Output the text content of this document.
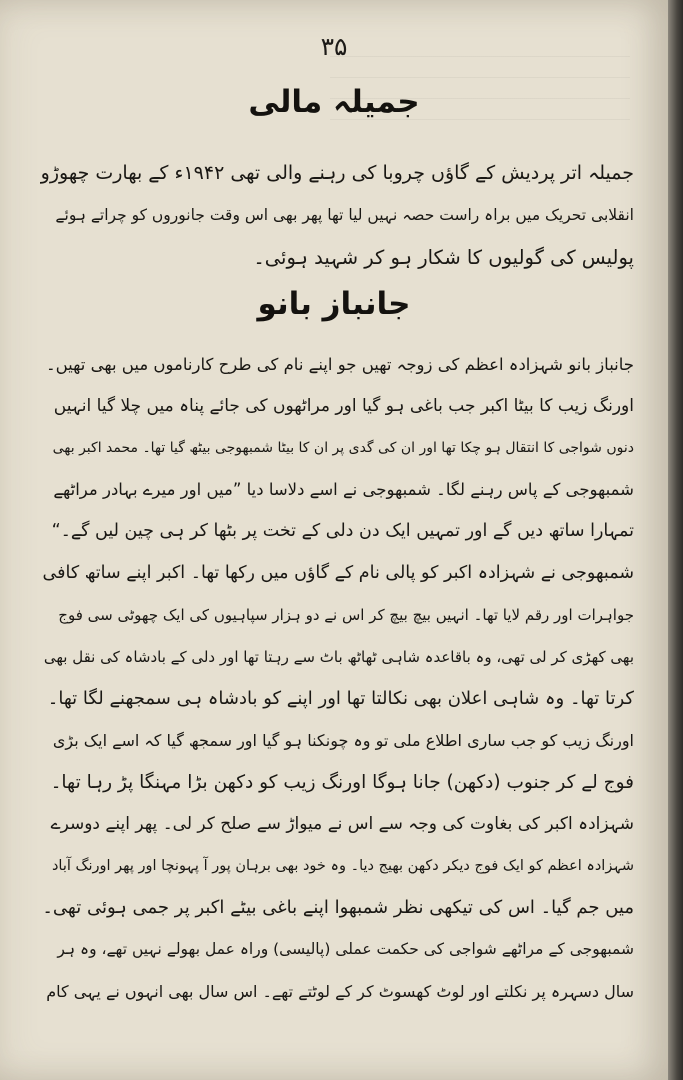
۳۵
جمیلہ مالی
جمیلہ اتر پردیش کے گاؤں چروبا کی رہنے والی تھی ۱۹۴۲ء کے بھارت چھوڑو
انقلابی تحریک میں براہ راست حصہ نہیں لیا تھا پھر بھی اس وقت جانوروں کو چراتے ہوئے
پولیس کی گولیوں کا شکار ہو کر شہید ہوئی۔
جانباز بانو
جانباز بانو شہزادہ اعظم کی زوجہ تھیں جو اپنے نام کی طرح کارناموں میں بھی تھیں۔
اورنگ زیب کا بیٹا اکبر جب باغی ہو گیا اور مراٹھوں کی جائے پناہ میں چلا گیا انہیں
دنوں شواجی کا انتقال ہو چکا تھا اور ان کی گدی پر ان کا بیٹا شمبھوجی بیٹھ گیا تھا۔ محمد اکبر بھی
شمبھوجی کے پاس رہنے لگا۔ شمبھوجی نے اسے دلاسا دیا ”میں اور میرے بہادر مراٹھے
تمہارا ساتھ دیں گے اور تمہیں ایک دن دلی کے تخت پر بٹھا کر ہی چین لیں گے۔“
شمبھوجی نے شہزادہ اکبر کو پالی نام کے گاؤں میں رکھا تھا۔ اکبر اپنے ساتھ کافی
جواہرات اور رقم لایا تھا۔ انہیں بیچ بیچ کر اس نے دو ہزار سپاہیوں کی ایک چھوٹی سی فوج
بھی کھڑی کر لی تھی، وہ باقاعدہ شاہی ٹھاٹھ باٹ سے رہتا تھا اور دلی کے بادشاہ کی نقل بھی
کرتا تھا۔ وہ شاہی اعلان بھی نکالتا تھا اور اپنے کو بادشاہ ہی سمجھنے لگا تھا۔
اورنگ زیب کو جب ساری اطلاع ملی تو وہ چونکنا ہو گیا اور سمجھ گیا کہ اسے ایک بڑی
فوج لے کر جنوب (دکھن) جانا ہوگا اورنگ زیب کو دکھن بڑا مہنگا پڑ رہا تھا۔
شہزادہ اکبر کی بغاوت کی وجہ سے اس نے میواڑ سے صلح کر لی۔ پھر اپنے دوسرے
شہزادہ اعظم کو ایک فوج دیکر دکھن بھیج دیا۔ وہ خود بھی برہان پور آ پہونچا اور پھر اورنگ آباد
میں جم گیا۔ اس کی تیکھی نظر شمبھوا اپنے باغی بیٹے اکبر پر جمی ہوئی تھی۔
شمبھوجی کے مراٹھے شواجی کی حکمت عملی (پالیسی) وراہ عمل بھولے نہیں تھے، وہ ہر
سال دسہرہ پر نکلتے اور لوٹ کھسوٹ کر کے لوٹتے تھے۔ اس سال بھی انہوں نے یہی کام
